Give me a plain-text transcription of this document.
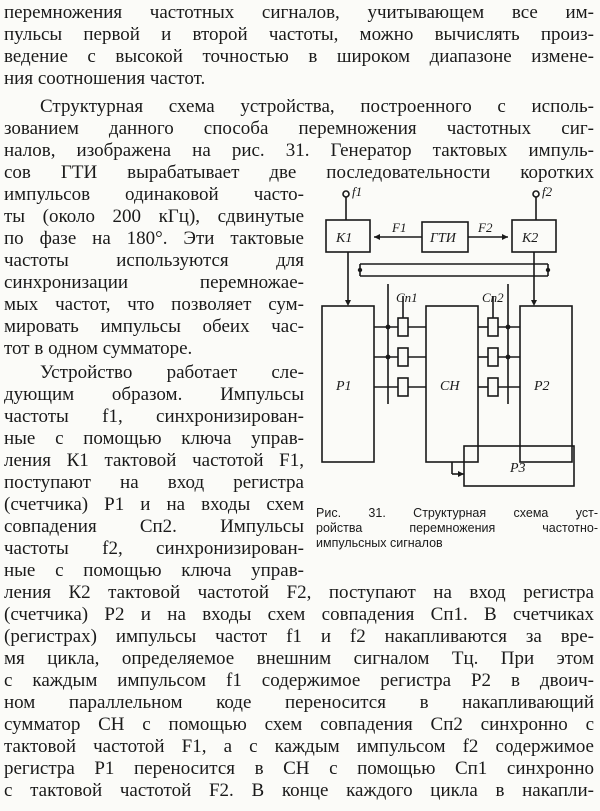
перемножения частотных сигналов, учитывающем все им-
пульсы первой и второй частоты, можно вычислять произ-
ведение с высокой точностью в широком диапазоне измене-
ния соотношения частот.
Структурная схема устройства, построенного с исполь-
зованием данного способа перемножения частотных сиг-
налов, изображена на рис. 31. Генератор тактовых импуль-
сов ГТИ вырабатывает две последовательности коротких
импульсов одинаковой часто-
ты (около 200 кГц), сдвинутые
по фазе на 180°. Эти тактовые
частоты используются для
синхронизации перемножае-
мых частот, что позволяет сум-
мировать импульсы обеих час-
тот в одном сумматоре.
Устройство работает сле-
дующим образом. Импульсы
частоты f1, синхронизирован-
ные с помощью ключа управ-
ления К1 тактовой частотой F1,
поступают на вход регистра
(счетчика) Р1 и на входы схем
совпадения Сп2. Импульсы
частоты f2, синхронизирован-
ные с помощью ключа управ-
ления К2 тактовой частотой F2, поступают на вход регистра
(счетчика) Р2 и на входы схем совпадения Сп1. В счетчиках
(регистрах) импульсы частот f1 и f2 накапливаются за вре-
мя цикла, определяемое внешним сигналом Тц. При этом
с каждым импульсом f1 содержимое регистра Р2 в двоич-
ном параллельном коде переносится в накапливающий
сумматор СН с помощью схем совпадения Сп2 синхронно с
тактовой частотой F1, а с каждым импульсом f2 содержимое
регистра Р1 переносится в СН с помощью Сп1 синхронно
с тактовой частотой F2. В конце каждого цикла в накапли-
f1	f2
К1	ГТИ	К2
F1	F2
Сп1	Сп2
Р1	СН	Р2
Р3
Рис. 31. Структурная схема уст-
ройства перемножения частотно-
импульсных сигналов
